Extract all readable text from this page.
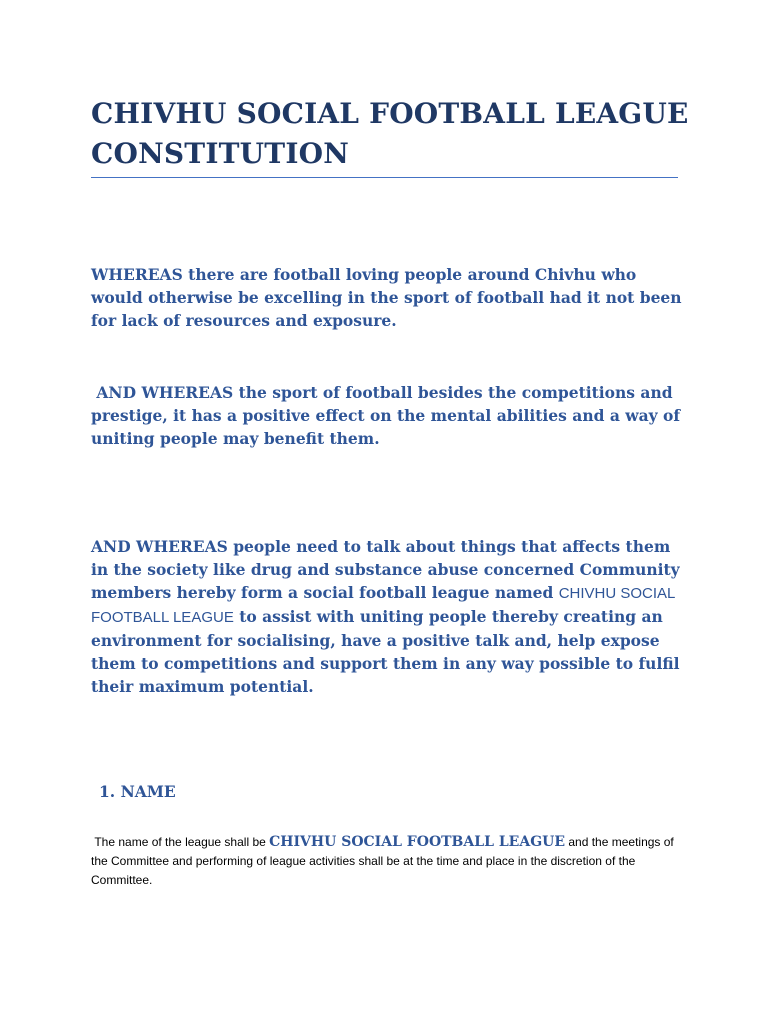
CHIVHU SOCIAL FOOTBALL LEAGUE CONSTITUTION

WHEREAS there are football loving people around Chivhu who would otherwise be excelling in the sport of football had it not been for lack of resources and exposure.

AND WHEREAS the sport of football besides the competitions and prestige, it has a positive effect on the mental abilities and a way of uniting people may benefit them.

AND WHEREAS people need to talk about things that affects them in the society like drug and substance abuse concerned Community members hereby form a social football league named CHIVHU SOCIAL FOOTBALL LEAGUE to assist with uniting people thereby creating an environment for socialising, have a positive talk and, help expose them to competitions and support them in any way possible to fulfil their maximum potential.

1. NAME

The name of the league shall be CHIVHU SOCIAL FOOTBALL LEAGUE and the meetings of the Committee and performing of league activities shall be at the time and place in the discretion of the Committee.
